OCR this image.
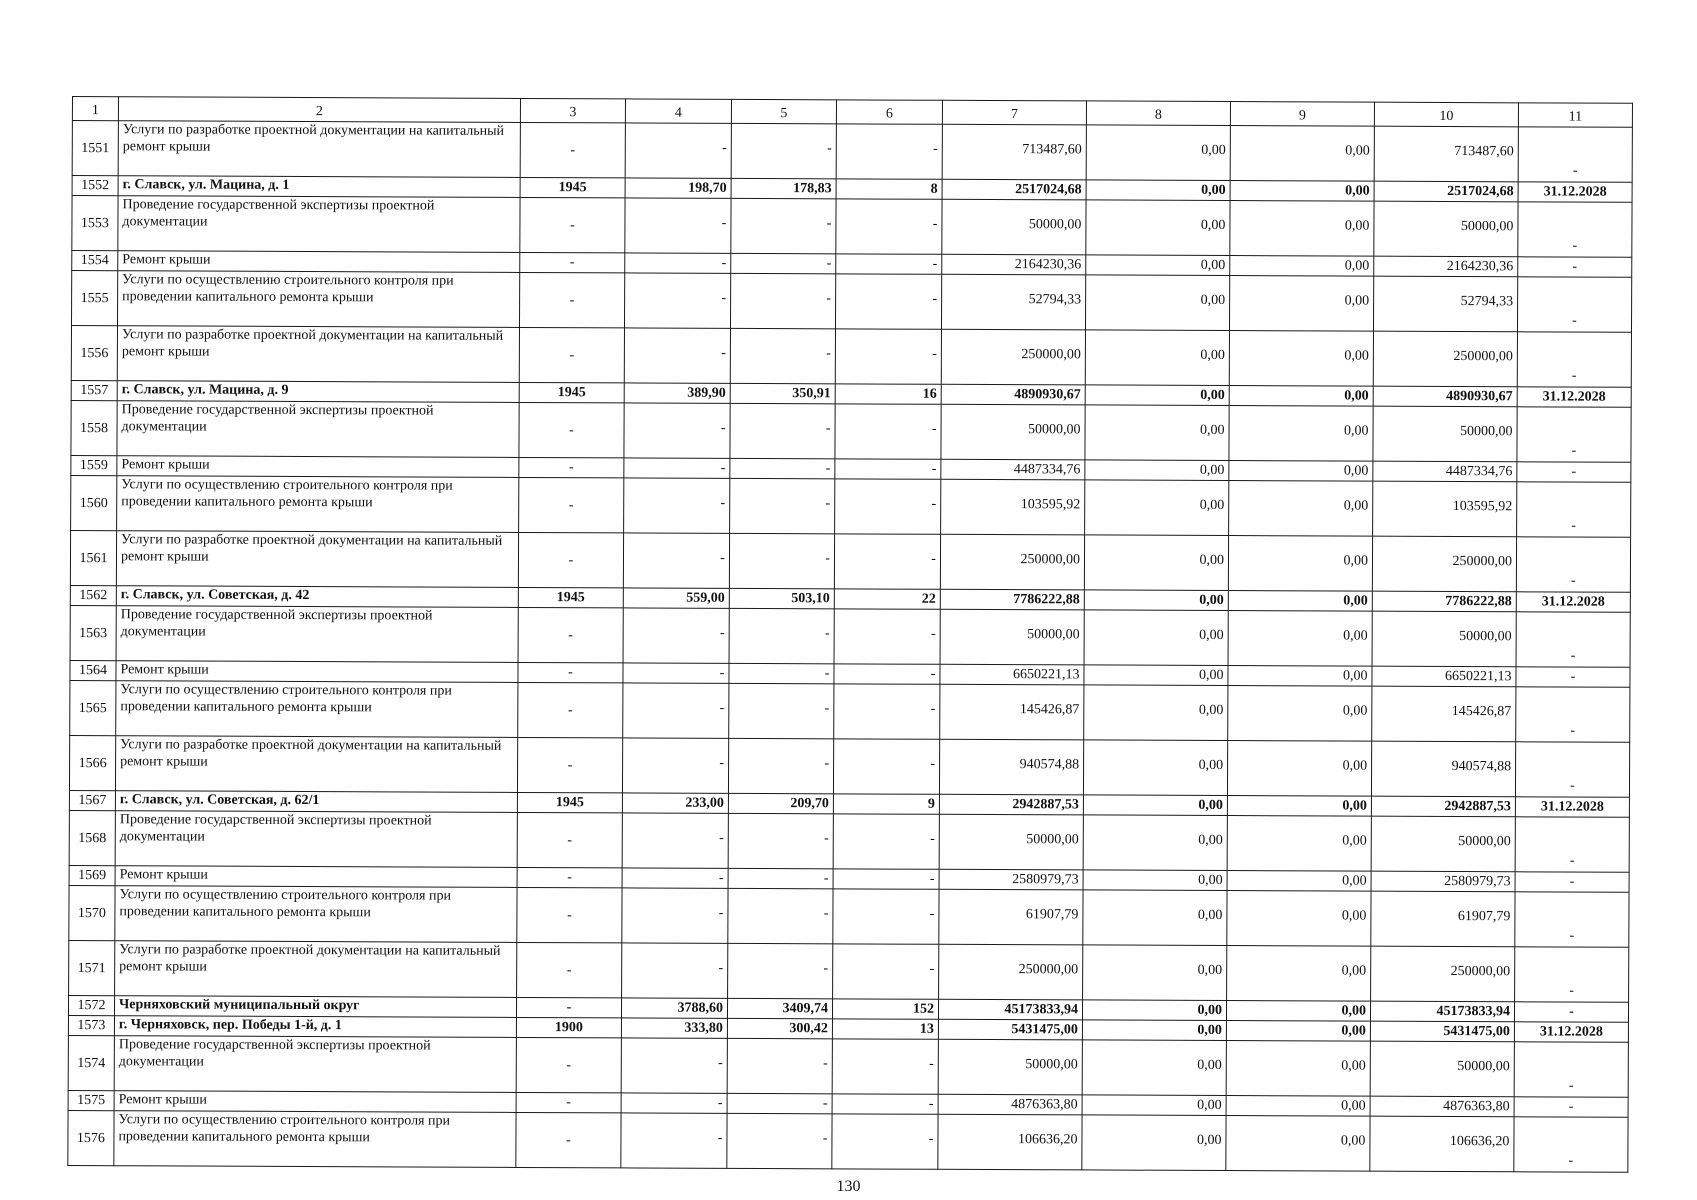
1	2	3	4	5	6	7	8	9	10	11
1551	Услуги по разработке проектной документации на капитальный ремонт крыши	-	-	-	-	713487,60	0,00	0,00	713487,60	-
1552	г. Славск, ул. Мацина, д. 1	1945	198,70	178,83	8	2517024,68	0,00	0,00	2517024,68	31.12.2028
1553	Проведение государственной экспертизы проектной документации	-	-	-	-	50000,00	0,00	0,00	50000,00	-
1554	Ремонт крыши	-	-	-	-	2164230,36	0,00	0,00	2164230,36	-
1555	Услуги по осуществлению строительного контроля при проведении капитального ремонта крыши	-	-	-	-	52794,33	0,00	0,00	52794,33	-
1556	Услуги по разработке проектной документации на капитальный ремонт крыши	-	-	-	-	250000,00	0,00	0,00	250000,00	-
1557	г. Славск, ул. Мацина, д. 9	1945	389,90	350,91	16	4890930,67	0,00	0,00	4890930,67	31.12.2028
1558	Проведение государственной экспертизы проектной документации	-	-	-	-	50000,00	0,00	0,00	50000,00	-
1559	Ремонт крыши	-	-	-	-	4487334,76	0,00	0,00	4487334,76	-
1560	Услуги по осуществлению строительного контроля при проведении капитального ремонта крыши	-	-	-	-	103595,92	0,00	0,00	103595,92	-
1561	Услуги по разработке проектной документации на капитальный ремонт крыши	-	-	-	-	250000,00	0,00	0,00	250000,00	-
1562	г. Славск, ул. Советская, д. 42	1945	559,00	503,10	22	7786222,88	0,00	0,00	7786222,88	31.12.2028
1563	Проведение государственной экспертизы проектной документации	-	-	-	-	50000,00	0,00	0,00	50000,00	-
1564	Ремонт крыши	-	-	-	-	6650221,13	0,00	0,00	6650221,13	-
1565	Услуги по осуществлению строительного контроля при проведении капитального ремонта крыши	-	-	-	-	145426,87	0,00	0,00	145426,87	-
1566	Услуги по разработке проектной документации на капитальный ремонт крыши	-	-	-	-	940574,88	0,00	0,00	940574,88	-
1567	г. Славск, ул. Советская, д. 62/1	1945	233,00	209,70	9	2942887,53	0,00	0,00	2942887,53	31.12.2028
1568	Проведение государственной экспертизы проектной документации	-	-	-	-	50000,00	0,00	0,00	50000,00	-
1569	Ремонт крыши	-	-	-	-	2580979,73	0,00	0,00	2580979,73	-
1570	Услуги по осуществлению строительного контроля при проведении капитального ремонта крыши	-	-	-	-	61907,79	0,00	0,00	61907,79	-
1571	Услуги по разработке проектной документации на капитальный ремонт крыши	-	-	-	-	250000,00	0,00	0,00	250000,00	-
1572	Черняховский муниципальный округ	-	3788,60	3409,74	152	45173833,94	0,00	0,00	45173833,94	-
1573	г. Черняховск, пер. Победы 1-й, д. 1	1900	333,80	300,42	13	5431475,00	0,00	0,00	5431475,00	31.12.2028
1574	Проведение государственной экспертизы проектной документации	-	-	-	-	50000,00	0,00	0,00	50000,00	-
1575	Ремонт крыши	-	-	-	-	4876363,80	0,00	0,00	4876363,80	-
1576	Услуги по осуществлению строительного контроля при проведении капитального ремонта крыши	-	-	-	-	106636,20	0,00	0,00	106636,20	-
130
